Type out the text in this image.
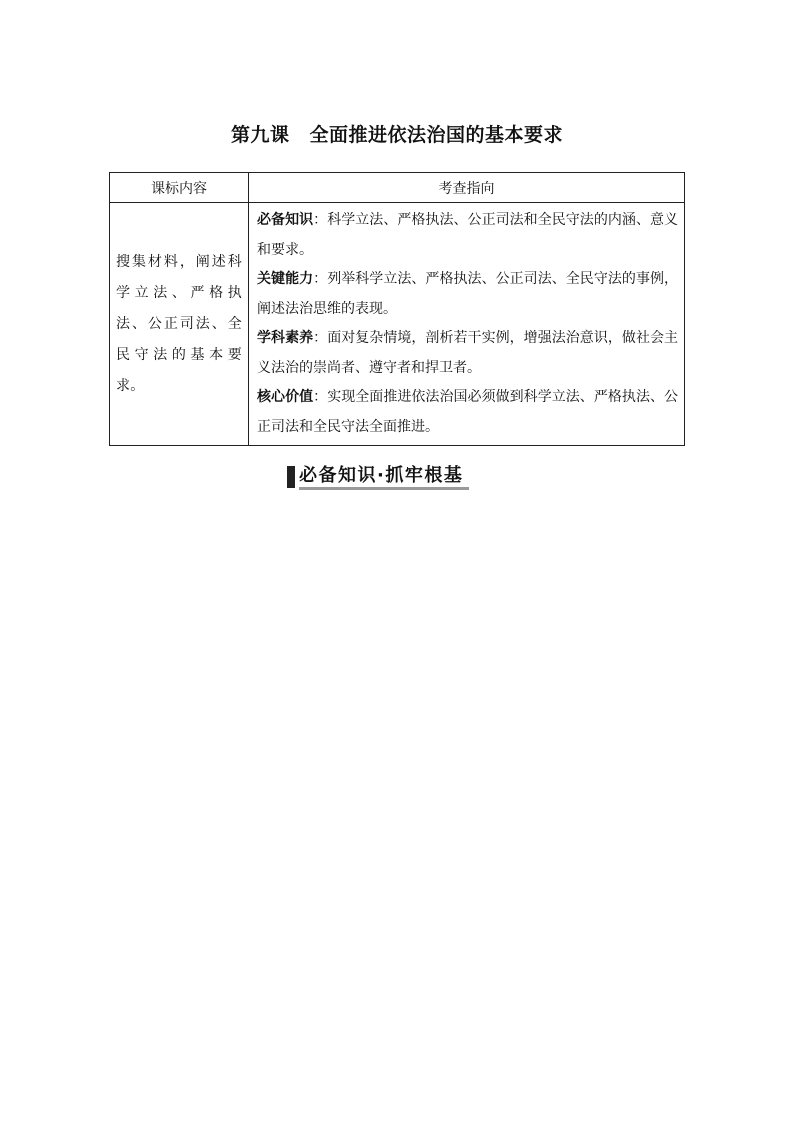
第九课 全面推进依法治国的基本要求
课标内容	考查指向
搜集材料，阐述科学立法、严格执法、公正司法、全民守法的基本要求。	必备知识：科学立法、严格执法、公正司法和全民守法的内涵、意义和要求。
关键能力：列举科学立法、严格执法、公正司法、全民守法的事例，阐述法治思维的表现。
学科素养：面对复杂情境，剖析若干实例，增强法治意识，做社会主义法治的崇尚者、遵守者和捍卫者。
核心价值：实现全面推进依法治国必须做到科学立法、严格执法、公正司法和全民守法全面推进。
必备知识·抓牢根基
